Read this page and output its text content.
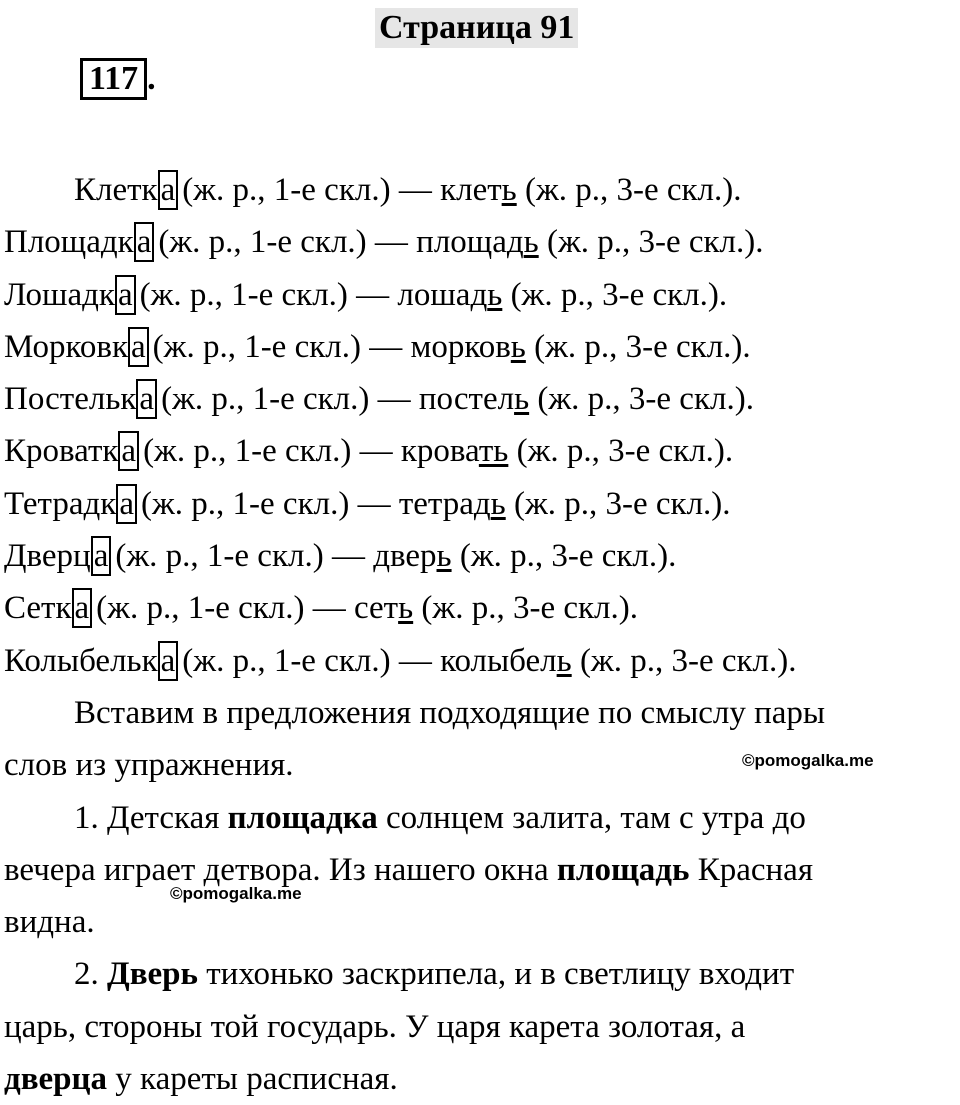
Страница 91
117 .
Клетка (ж. р., 1-е скл.) — клеть (ж. р., 3-е скл.).
Площадка (ж. р., 1-е скл.) — площадь (ж. р., 3-е скл.).
Лошадка (ж. р., 1-е скл.) — лошадь (ж. р., 3-е скл.).
Морковка (ж. р., 1-е скл.) — морковь (ж. р., 3-е скл.).
Постелька (ж. р., 1-е скл.) — постель (ж. р., 3-е скл.).
Кроватка (ж. р., 1-е скл.) — кровать (ж. р., 3-е скл.).
Тетрадка (ж. р., 1-е скл.) — тетрадь (ж. р., 3-е скл.).
Дверца (ж. р., 1-е скл.) — дверь (ж. р., 3-е скл.).
Сетка (ж. р., 1-е скл.) — сеть (ж. р., 3-е скл.).
Колыбелька (ж. р., 1-е скл.) — колыбель (ж. р., 3-е скл.).
Вставим в предложения подходящие по смыслу пары
слов из упражнения.
1. Детская площадка солнцем залита, там с утра до
вечера играет детвора. Из нашего окна площадь Красная
видна.
2. Дверь тихонько заскрипела, и в светлицу входит
царь, стороны той государь. У царя карета золотая, а
дверца у кареты расписная.
©pomogalka.me
©pomogalka.me
